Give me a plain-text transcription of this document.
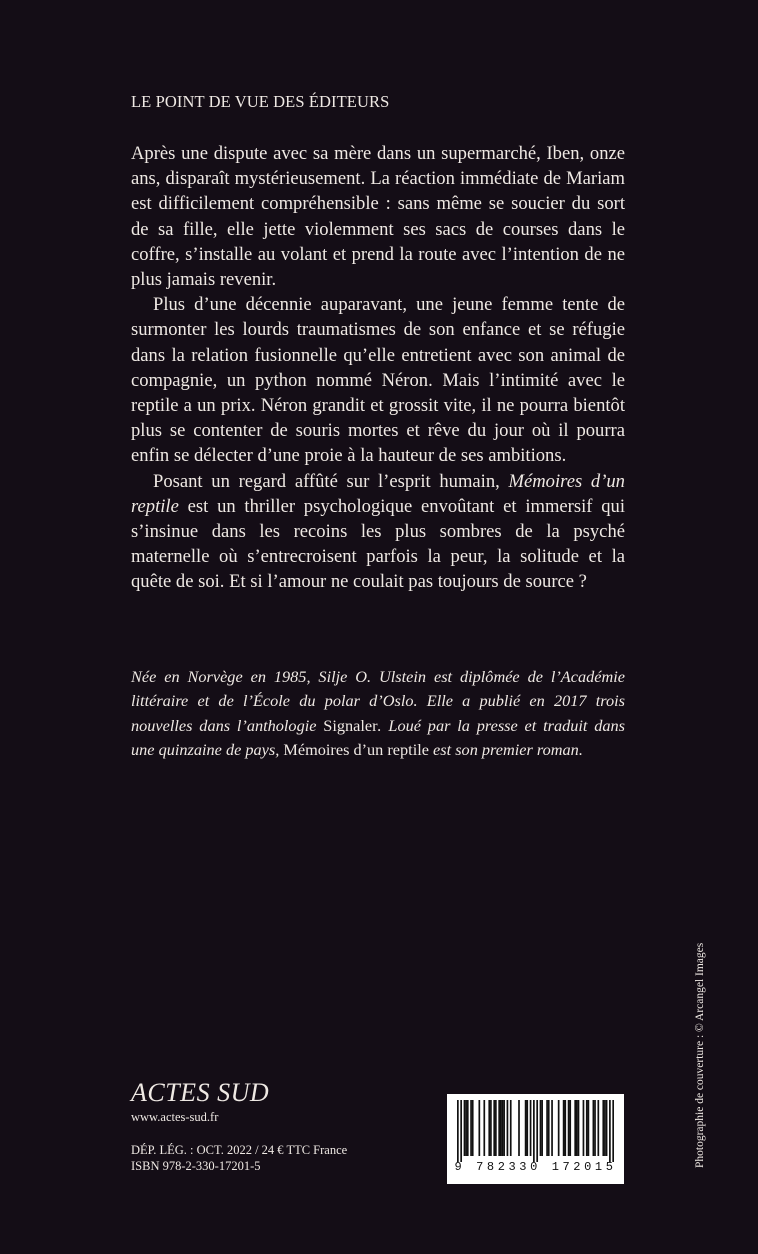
LE POINT DE VUE DES ÉDITEURS

Après une dispute avec sa mère dans un supermarché, Iben, onze ans, disparaît mystérieusement. La réaction immédiate de Mariam est difficilement compréhensible : sans même se soucier du sort de sa fille, elle jette violemment ses sacs de courses dans le coffre, s’installe au volant et prend la route avec l’intention de ne plus jamais revenir.

Plus d’une décennie auparavant, une jeune femme tente de surmonter les lourds traumatismes de son enfance et se réfugie dans la relation fusionnelle qu’elle entretient avec son animal de compagnie, un python nommé Néron. Mais l’intimité avec le reptile a un prix. Néron grandit et grossit vite, il ne pourra bientôt plus se contenter de souris mortes et rêve du jour où il pourra enfin se délecter d’une proie à la hauteur de ses ambitions.

Posant un regard affûté sur l’esprit humain, Mémoires d’un reptile est un thriller psychologique envoûtant et immersif qui s’insinue dans les recoins les plus sombres de la psyché maternelle où s’entrecroisent parfois la peur, la solitude et la quête de soi. Et si l’amour ne coulait pas toujours de source ?

Née en Norvège en 1985, Silje O. Ulstein est diplômée de l’Académie littéraire et de l’École du polar d’Oslo. Elle a publié en 2017 trois nouvelles dans l’anthologie Signaler. Loué par la presse et traduit dans une quinzaine de pays, Mémoires d’un reptile est son premier roman.
ACTES SUD
www.actes-sud.fr
DÉP. LÉG. : OCT. 2022 / 24 € TTC France
ISBN 978-2-330-17201-5	9 782330 172015	Photographie de couverture : © Arcangel Images
